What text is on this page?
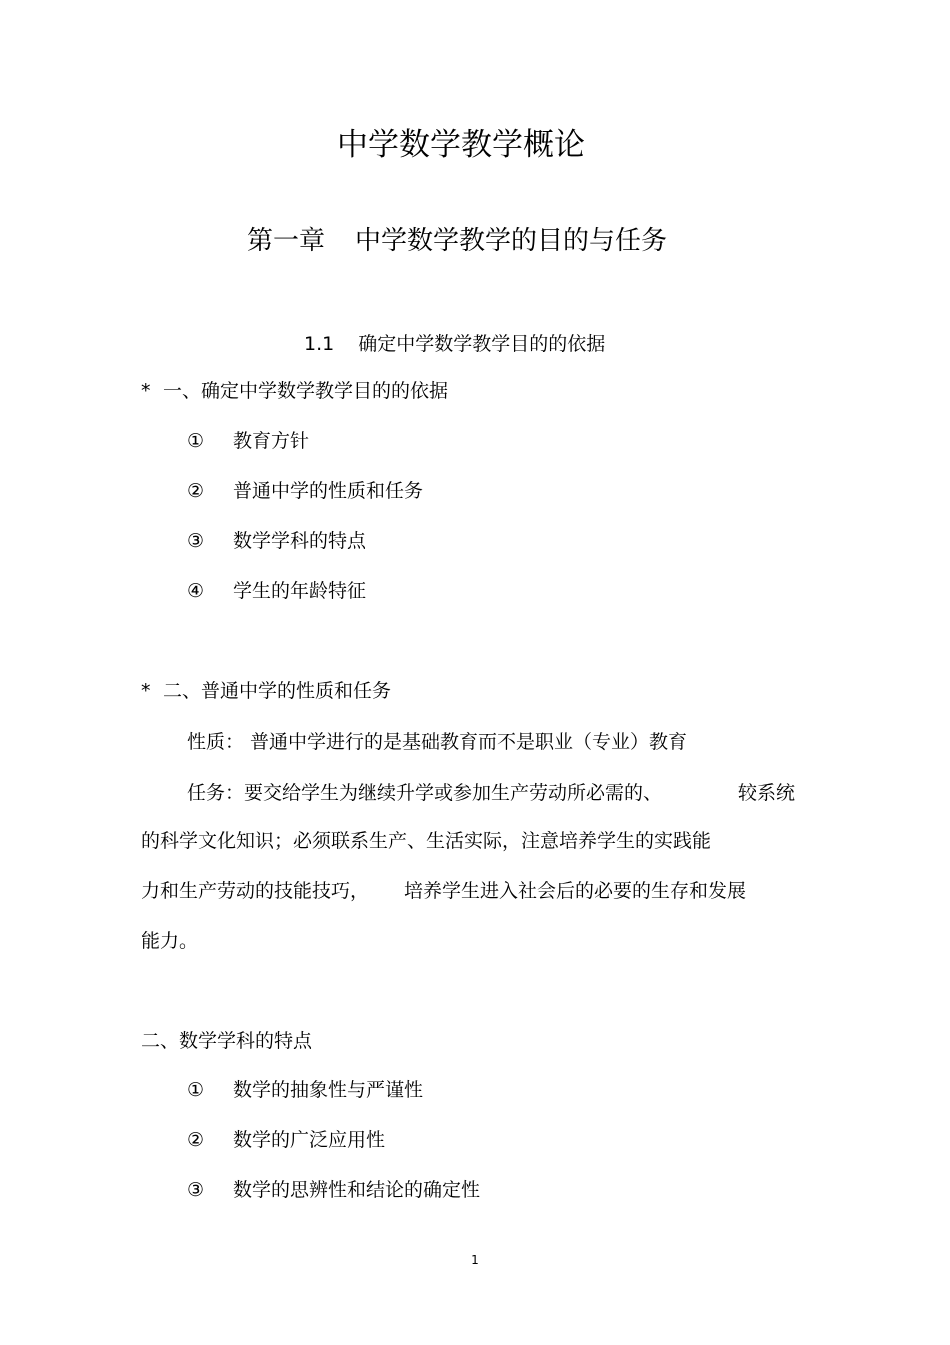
中学数学教学概论
第一章 中学数学教学的目的与任务
1.1 确定中学数学教学目的的依据
* 一、确定中学数学教学目的的依据
① 教育方针
② 普通中学的性质和任务
③ 数学学科的特点
④ 学生的年龄特征
* 二、普通中学的性质和任务
性质： 普通中学进行的是基础教育而不是职业（专业）教育
任务：要交给学生为继续升学或参加生产劳动所必需的、	较系统
的科学文化知识；必须联系生产、生活实际，注意培养学生的实践能
力和生产劳动的技能技巧， 培养学生进入社会后的必要的生存和发展
能力。
二、数学学科的特点
① 数学的抽象性与严谨性
② 数学的广泛应用性
③ 数学的思辨性和结论的确定性
1
